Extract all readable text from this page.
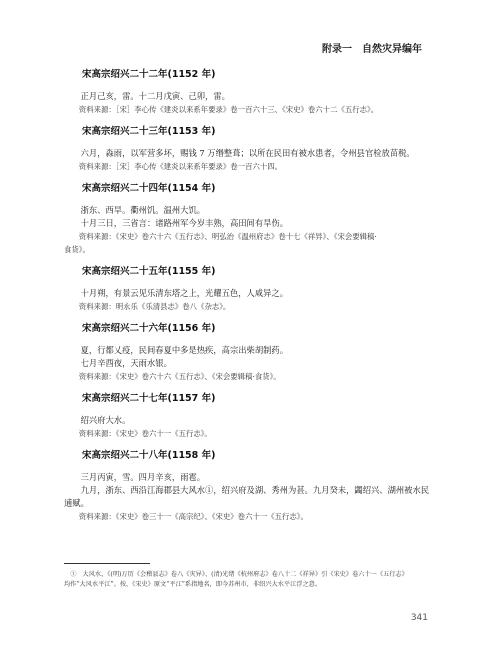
附录一　自然灾异编年
宋高宗绍兴二十二年(1152 年)

正月己亥，雷。十二月戊寅、己卯，雷。

资料来源：［宋］李心传《建炎以来系年要录》卷一百六十三、《宋史》卷六十二《五行志》。

宋高宗绍兴二十三年(1153 年)

六月，淼雨，以军营多坏，赐钱 7 万缗整葺；以所在民田有被水患者，令州县官检放苗税。

资料来源：［宋］李心传《建炎以来系年要录》卷一百六十四。

宋高宗绍兴二十四年(1154 年)

浙东、西旱。衢州饥。温州大饥。

十月三日，三省言：诸路州军今岁丰熟，高田间有旱伤。

资料来源：《宋史》卷六十六《五行志》、明弘治《温州府志》卷十七《祥异》、《宋会要辑稿·

食货》。

宋高宗绍兴二十五年(1155 年)

十月朔，有景云见乐清东塔之上，光耀五色，人咸异之。

资料来源：明永乐《乐清县志》卷八《杂志》。

宋高宗绍兴二十六年(1156 年)

夏，行都乂疫，民间春夏中多是热疾，高宗出柴胡制药。

七月辛酉夜，天雨水银。

资料来源：《宋史》卷六十六《五行志》、《宋会要辑稿·食货》。

宋高宗绍兴二十七年(1157 年)

绍兴府大水。

资料来源：《宋史》卷六十一《五行志》。

宋高宗绍兴二十八年(1158 年)

三月丙寅，雪。四月辛亥，雨雹。

九月，浙东、西沿江海郡县大风水①，绍兴府及湖、秀州为甚。九月癸未，蠲绍兴、湖州被水民逋赋。

资料来源：《宋史》卷三十一《高宗纪》、《宋史》卷六十一《五行志》。

①　大风水，《(明)万历《会稽县志》卷八《灾异》、(清)光绪《杭州府志》卷八十二《祥异》引《宋史》卷六十一《五行志》
均作“大风水平江”。按，《宋史》原文“平江”系指地名，即今苏州市，非绍兴大水平江浮之意。
341
